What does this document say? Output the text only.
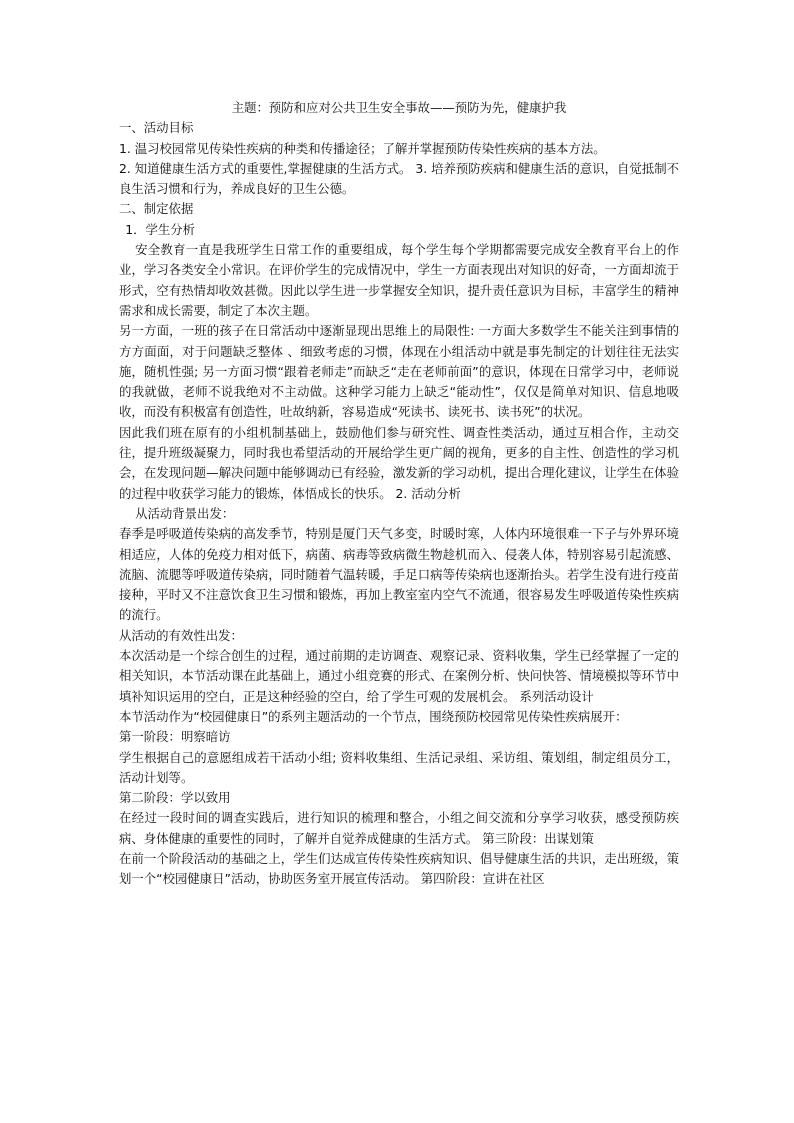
主题：预防和应对公共卫生安全事故——预防为先，健康护我

一、活动目标

1. 温习校园常见传染性疾病的种类和传播途径；了解并掌握预防传染性疾病的基本方法。

2. 知道健康生活方式的重要性,掌握健康的生活方式。 3. 培养预防疾病和健康生活的意识，自觉抵制不良生活习惯和行为，养成良好的卫生公德。

二、制定依据

1．学生分析

安全教育一直是我班学生日常工作的重要组成，每个学生每个学期都需要完成安全教育平台上的作业，学习各类安全小常识。在评价学生的完成情况中，学生一方面表现出对知识的好奇，一方面却流于形式，空有热情却收效甚微。因此以学生进一步掌握安全知识，提升责任意识为目标，丰富学生的精神需求和成长需要，制定了本次主题。

另一方面，一班的孩子在日常活动中逐渐显现出思维上的局限性: 一方面大多数学生不能关注到事情的方方面面，对于问题缺乏整体 、细致考虑的习惯，体现在小组活动中就是事先制定的计划往往无法实施，随机性强; 另一方面习惯“跟着老师走”而缺乏“走在老师前面”的意识，体现在日常学习中，老师说的我就做，老师不说我绝对不主动做。这种学习能力上缺乏“能动性”，仅仅是简单对知识、信息地吸收，而没有积极富有创造性，吐故纳新，容易造成“死读书、读死书、读书死”的状况。

因此我们班在原有的小组机制基础上，鼓励他们参与研究性、调查性类活动，通过互相合作，主动交往，提升班级凝聚力，同时我也希望活动的开展给学生更广阔的视角，更多的自主性、创造性的学习机会，在发现问题—解决问题中能够调动已有经验，激发新的学习动机，提出合理化建议，让学生在体验的过程中收获学习能力的锻炼，体悟成长的快乐。 2. 活动分析

从活动背景出发：

春季是呼吸道传染病的高发季节，特别是厦门天气多变，时暖时寒，人体内环境很难一下子与外界环境相适应，人体的免疫力相对低下，病菌、病毒等致病微生物趁机而入、侵袭人体，特别容易引起流感、流脑、流腮等呼吸道传染病，同时随着气温转暖，手足口病等传染病也逐渐抬头。若学生没有进行疫苗接种，平时又不注意饮食卫生习惯和锻炼，再加上教室室内空气不流通，很容易发生呼吸道传染性疾病的流行。

从活动的有效性出发：

本次活动是一个综合创生的过程，通过前期的走访调查、观察记录、资料收集，学生已经掌握了一定的相关知识，本节活动课在此基础上，通过小组竞赛的形式、在案例分析、快问快答、情境模拟等环节中填补知识运用的空白，正是这种经验的空白，给了学生可观的发展机会。 系列活动设计

本节活动作为“校园健康日”的系列主题活动的一个节点，围绕预防校园常见传染性疾病展开：

第一阶段：明察暗访

学生根据自己的意愿组成若干活动小组; 资料收集组、生活记录组、采访组、策划组，制定组员分工，活动计划等。

第二阶段：学以致用

在经过一段时间的调查实践后，进行知识的梳理和整合，小组之间交流和分享学习收获，感受预防疾病、身体健康的重要性的同时，了解并自觉养成健康的生活方式。 第三阶段：出谋划策

在前一个阶段活动的基础之上，学生们达成宣传传染性疾病知识、倡导健康生活的共识，走出班级，策划一个“校园健康日”活动，协助医务室开展宣传活动。 第四阶段：宣讲在社区
